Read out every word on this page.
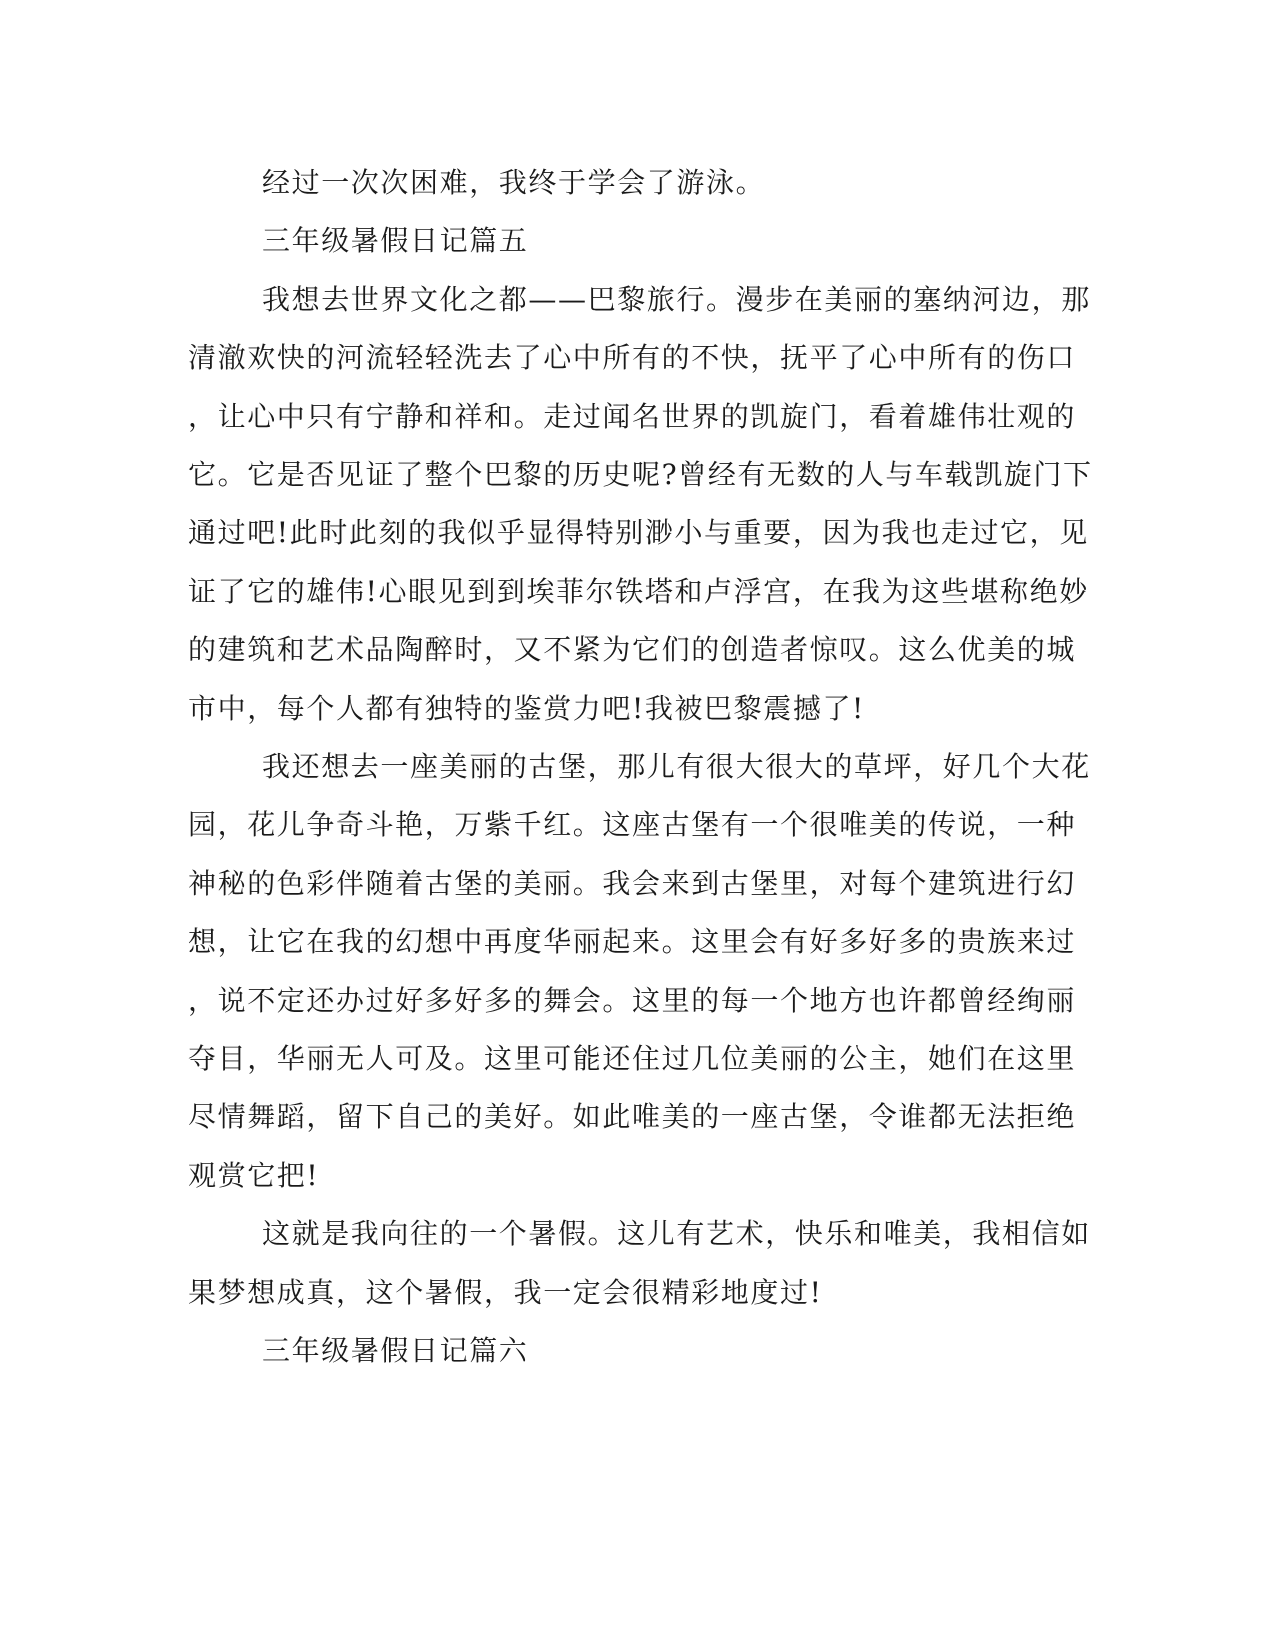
经过一次次困难，我终于学会了游泳。
三年级暑假日记篇五
我想去世界文化之都——巴黎旅行。漫步在美丽的塞纳河边，那
清澈欢快的河流轻轻洗去了心中所有的不快，抚平了心中所有的伤口
，让心中只有宁静和祥和。走过闻名世界的凯旋门，看着雄伟壮观的
它。它是否见证了整个巴黎的历史呢?曾经有无数的人与车载凯旋门下
通过吧!此时此刻的我似乎显得特别渺小与重要，因为我也走过它，见
证了它的雄伟!心眼见到到埃菲尔铁塔和卢浮宫，在我为这些堪称绝妙
的建筑和艺术品陶醉时，又不紧为它们的创造者惊叹。这么优美的城
市中，每个人都有独特的鉴赏力吧!我被巴黎震撼了!
我还想去一座美丽的古堡，那儿有很大很大的草坪，好几个大花
园，花儿争奇斗艳，万紫千红。这座古堡有一个很唯美的传说，一种
神秘的色彩伴随着古堡的美丽。我会来到古堡里，对每个建筑进行幻
想，让它在我的幻想中再度华丽起来。这里会有好多好多的贵族来过
，说不定还办过好多好多的舞会。这里的每一个地方也许都曾经绚丽
夺目，华丽无人可及。这里可能还住过几位美丽的公主，她们在这里
尽情舞蹈，留下自己的美好。如此唯美的一座古堡，令谁都无法拒绝
观赏它把!
这就是我向往的一个暑假。这儿有艺术，快乐和唯美，我相信如
果梦想成真，这个暑假，我一定会很精彩地度过!
三年级暑假日记篇六
